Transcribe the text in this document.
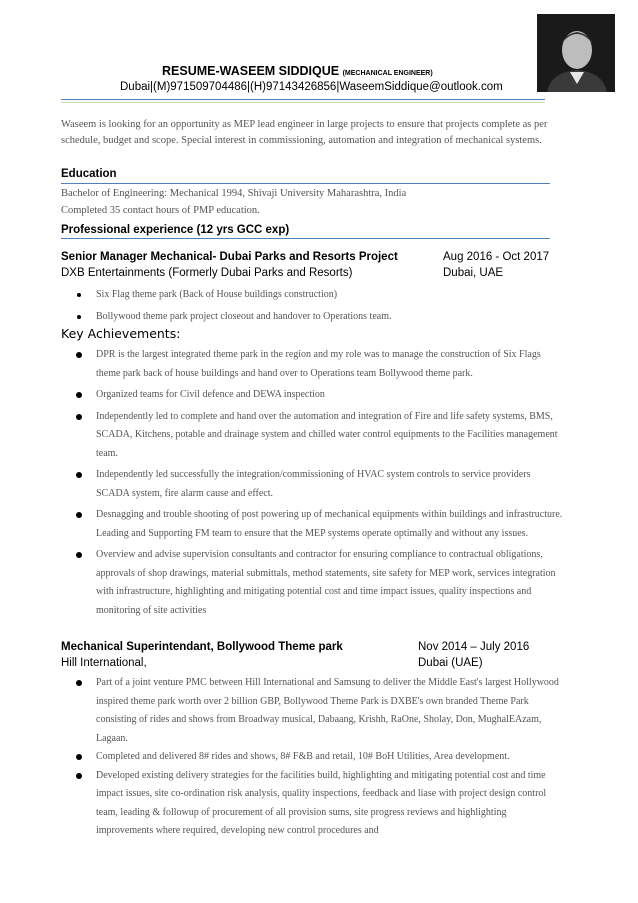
RESUME-WASEEM SIDDIQUE (MECHANICAL ENGINEER)
Dubai|(M)971509704486|(H)97143426856|WaseemSiddique@outlook.com
Waseem is looking for an opportunity as MEP lead engineer in large projects to ensure that projects complete as per schedule, budget and scope. Special interest in commissioning, automation and integration of mechanical systems.
Education
Bachelor of Engineering: Mechanical 1994, Shivaji University Maharashtra, India
Completed 35 contact hours of PMP education.
Professional experience (12 yrs GCC exp)
Senior Manager Mechanical- Dubai Parks and Resorts Project	Aug 2016 - Oct 2017
DXB Entertainments (Formerly Dubai Parks and Resorts)	Dubai, UAE
Six Flag theme park (Back of House buildings construction)
Bollywood theme park project closeout and handover to Operations team.
Key Achievements:
DPR is the largest integrated theme park in the region and my role was to manage the construction of Six Flags theme park back of house buildings and hand over to Operations team Bollywood theme park.
Organized teams for Civil defence and DEWA inspection
Independently led to complete and hand over the automation and integration of Fire and life safety systems, BMS, SCADA, Kitchens, potable and drainage system and chilled water control equipments to the Facilities management team.
Independently led successfully the integration/commissioning of HVAC system controls to service providers SCADA system, fire alarm cause and effect.
Desnagging and trouble shooting of post powering up of mechanical equipments within buildings and infrastructure. Leading and Supporting FM team to ensure that the MEP systems operate optimally and without any issues.
Overview and advise supervision consultants and contractor for ensuring compliance to contractual obligations, approvals of shop drawings, material submittals, method statements, site safety for MEP work, services integration with infrastructure, highlighting and mitigating potential cost and time impact issues, quality inspections and monitoring of site activities
Mechanical Superintendant, Bollywood Theme park	Nov 2014 – July 2016
Hill International,	Dubai (UAE)
Part of a joint venture PMC between Hill International and Samsung to deliver the Middle East's largest Hollywood inspired theme park worth over 2 billion GBP, Bollywood Theme Park is DXBE's own branded Theme Park consisting of rides and shows from Broadway musical, Dabaang, Krishh, RaOne, Sholay, Don, MughalEAzam, Lagaan.
Completed and delivered 8# rides and shows, 8# F&B and retail, 10# BoH Utilities, Area development.
Developed existing delivery strategies for the facilities build, highlighting and mitigating potential cost and time impact issues, site co-ordination risk analysis, quality inspections, feedback and liase with project design control team, leading & followup of procurement of all provision sums, site progress reviews and highlighting improvements where required, developing new control procedures and
